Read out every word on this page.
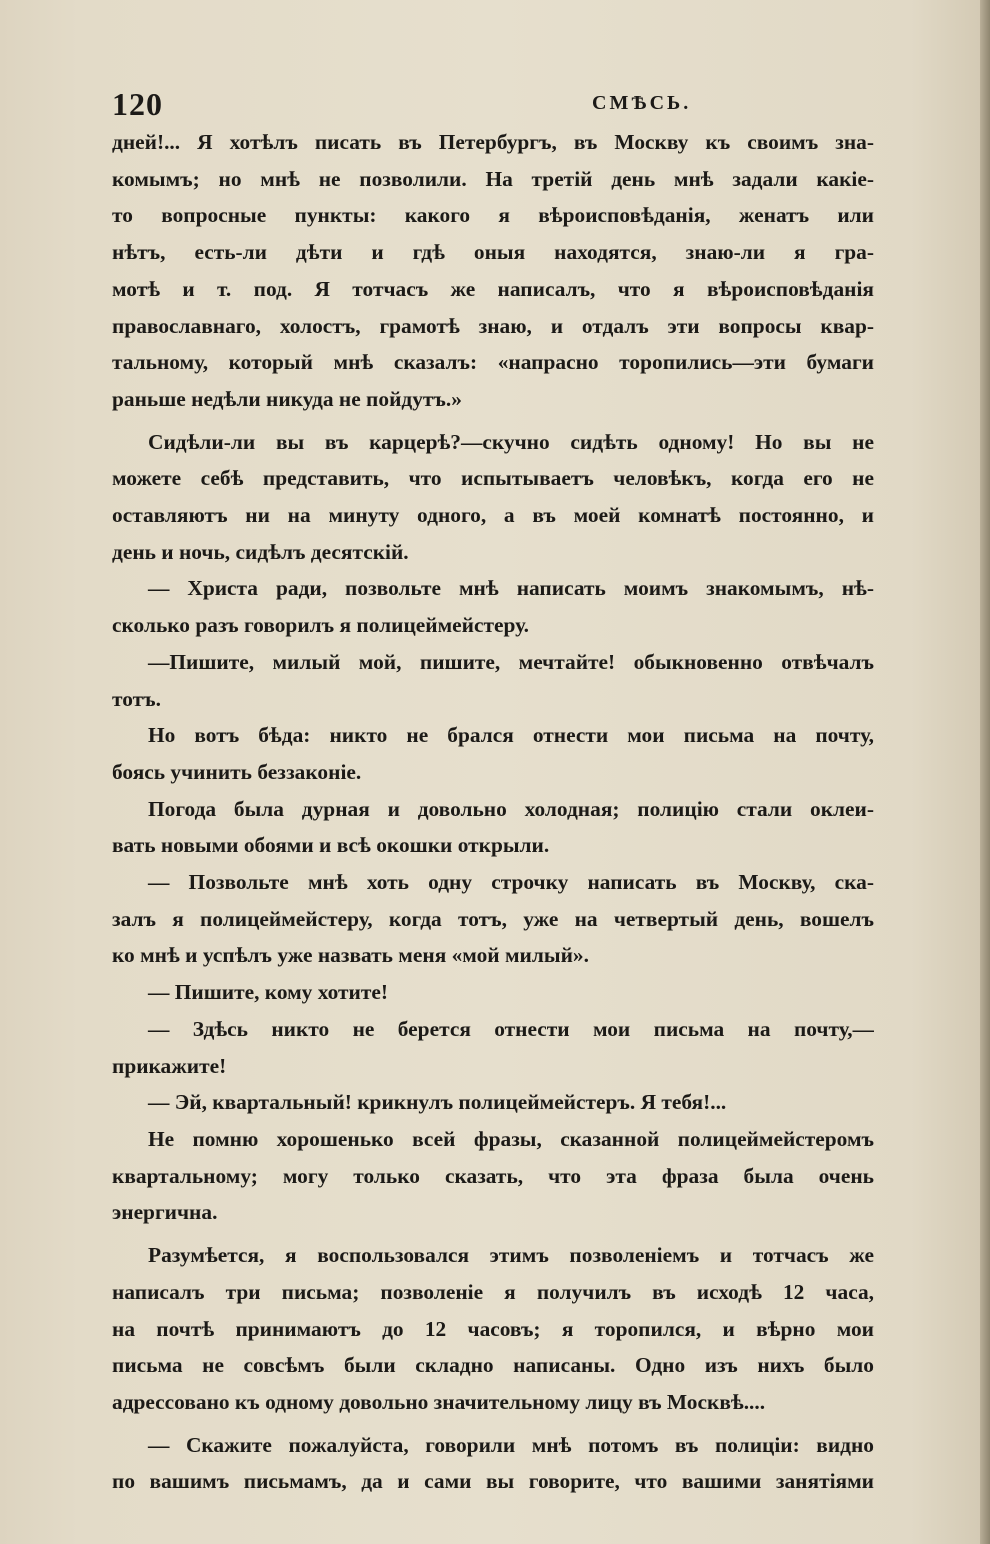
120	СМѢСЬ.
дней!... Я хотѣлъ писать въ Петербургъ, въ Москву къ своимъ зна-
комымъ; но мнѣ не позволили. На третій день мнѣ задали какіе-
то вопросные пункты: какого я вѣроисповѣданія, женатъ или
нѣтъ, есть-ли дѣти и гдѣ оныя находятся, знаю-ли я гра-
мотѣ и т. под. Я тотчасъ же написалъ, что я вѣроисповѣданія
православнаго, холостъ, грамотѣ знаю, и отдалъ эти вопросы квар-
тальному, который мнѣ сказалъ: «напрасно торопились—эти бумаги
раньше недѣли никуда не пойдутъ.»
Сидѣли-ли вы въ карцерѣ?—скучно сидѣть одному! Но вы не
можете себѣ представить, что испытываетъ человѣкъ, когда его не
оставляютъ ни на минуту одного, а въ моей комнатѣ постоянно, и
день и ночь, сидѣлъ десятскій.
— Христа ради, позвольте мнѣ написать моимъ знакомымъ, нѣ-
сколько разъ говорилъ я полицеймейстеру.
—Пишите, милый мой, пишите, мечтайте! обыкновенно отвѣчалъ
тотъ.
Но вотъ бѣда: никто не брался отнести мои письма на почту,
боясь учинить беззаконіе.
Погода была дурная и довольно холодная; полицію стали оклеи-
вать новыми обоями и всѣ окошки открыли.
— Позвольте мнѣ хоть одну строчку написать въ Москву, ска-
залъ я полицеймейстеру, когда тотъ, уже на четвертый день, вошелъ
ко мнѣ и успѣлъ уже назвать меня «мой милый».
— Пишите, кому хотите!
— Здѣсь никто не берется отнести мои письма на почту,—
прикажите!
— Эй, квартальный! крикнулъ полицеймейстеръ. Я тебя!...
Не помню хорошенько всей фразы, сказанной полицеймейстеромъ
квартальному; могу только сказать, что эта фраза была очень
энергична.
Разумѣется, я воспользовался этимъ позволеніемъ и тотчасъ же
написалъ три письма; позволеніе я получилъ въ исходѣ 12 часа,
на почтѣ принимаютъ до 12 часовъ; я торопился, и вѣрно мои
письма не совсѣмъ были складно написаны. Одно изъ нихъ было
адрессовано къ одному довольно значительному лицу въ Москвѣ....
— Скажите пожалуйста, говорили мнѣ потомъ въ полиціи: видно
по вашимъ письмамъ, да и сами вы говорите, что вашими занятіями
